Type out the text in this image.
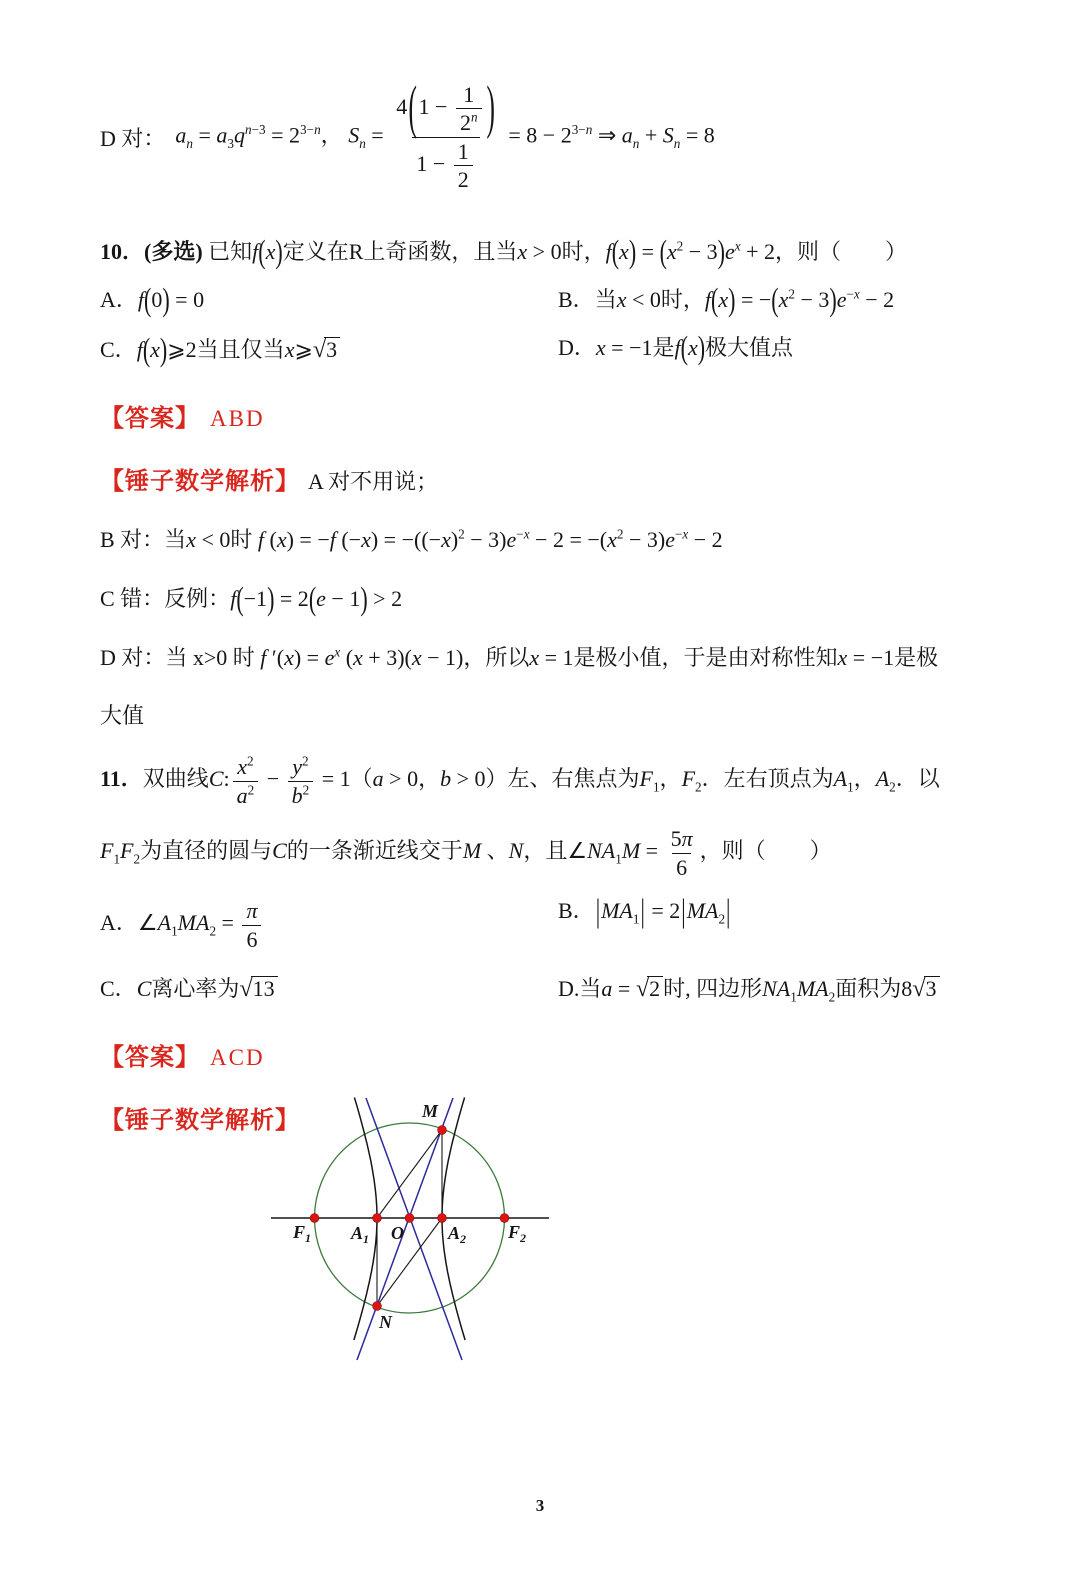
D 对： $a_n = a_3q^{n-3} = 2^{3-n}$， $S_n = \frac{4(1 - \frac{1}{2^n} )}{1 - \frac{1}{2}} = 8 - 2^{3-n}$ ⇒ $a_n + S_n = 8$
10．(多选) 已知f(x)定义在R上奇函数，且当x > 0时，$f(x) = (x^2 - 3)e^x + 2$，则（　　）
A．f(0) = 0	B．当x < 0时，$f(x) = -(x^2 - 3)e^{-x} - 2$
C．f(x)⩾2当且仅当x⩾√3	D．x = −1是f(x)极大值点
【答案】 ABD
【锤子数学解析】 A 对不用说；
B 对：当x < 0时 f (x) = −f $(-x) = -((-x)^2 - 3)e^{-x} - 2 = -(x^2 - 3)e^{-x} - 2$
C 错：反例：f(−1) = 2(e − 1) > 2
D 对：当 x>0 时 f $'(x) = e^x$ (x + 3)(x − 1)，所以x = 1是极小值，于是由对称性知x = −1是极
大值
11．双曲线C: $\frac{x^2}{a^2} - \frac{y^2}{b^2} = 1(a > 0$，b > 0）左、右焦点为$F_1$，$F_2$．左右顶点为$A_1$，$A_2$．以
$F_1F_2$为直径的圆与C的一条渐近线交于M 、N，且$\angle NA_1M = \frac{5\pi}{6}$ ，则（　　）
A．$\angle A_1MA_2 = \frac{\pi}{6}$	B．$|MA_1| = 2|MA_2|$
C．C离心率为√13	D.当a = √2 时, 四边形$NA_1MA_2$面积为8√3
【答案】 ACD
【锤子数学解析】
$F_1$ $A_1$ O $A_2$ $F_2$
M
N
3
